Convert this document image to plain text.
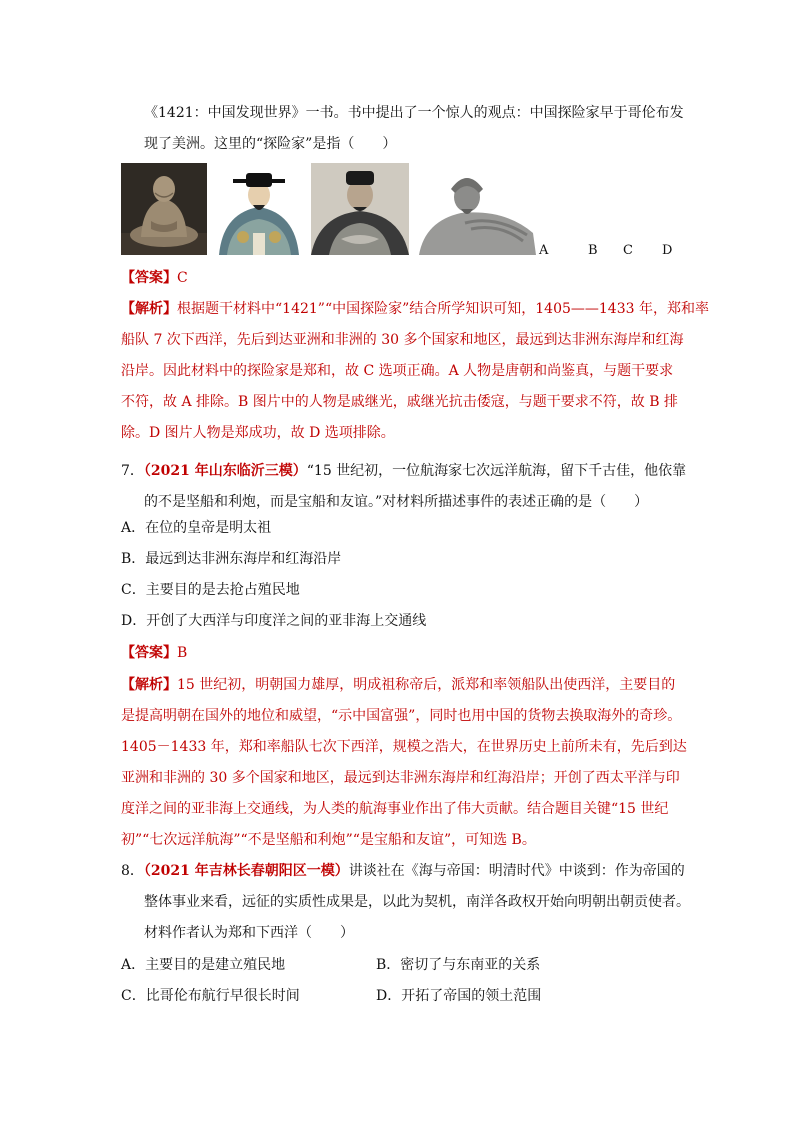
《1421：中国发现世界》一书。书中提出了一个惊人的观点：中国探险家早于哥伦布发
现了美洲。这里的“探险家”是指（　　）
A	B C D
【答案】C
【解析】根据题干材料中“1421”“中国探险家”结合所学知识可知，1405——1433 年，郑和率
船队 7 次下西洋，先后到达亚洲和非洲的 30 多个国家和地区，最远到达非洲东海岸和红海
沿岸。因此材料中的探险家是郑和，故 C 选项正确。A 人物是唐朝和尚鉴真，与题干要求
不符，故 A 排除。B 图片中的人物是戚继光，戚继光抗击倭寇，与题干要求不符，故 B 排
除。D 图片人物是郑成功，故 D 选项排除。
7．（2021 年山东临沂三模）“15 世纪初，一位航海家七次远洋航海，留下千古佳，他依靠
的不是坚船和利炮，而是宝船和友谊。”对材料所描述事件的表述正确的是（　　）
A．在位的皇帝是明太祖
B．最远到达非洲东海岸和红海沿岸
C．主要目的是去抢占殖民地
D．开创了大西洋与印度洋之间的亚非海上交通线
【答案】B
【解析】15 世纪初，明朝国力雄厚，明成祖称帝后，派郑和率领船队出使西洋，主要目的
是提高明朝在国外的地位和威望，“示中国富强”，同时也用中国的货物去换取海外的奇珍。
1405－1433 年，郑和率船队七次下西洋，规模之浩大，在世界历史上前所未有，先后到达
亚洲和非洲的 30 多个国家和地区，最远到达非洲东海岸和红海沿岸；开创了西太平洋与印
度洋之间的亚非海上交通线，为人类的航海事业作出了伟大贡献。结合题目关键“15 世纪
初”“七次远洋航海”“不是坚船和利炮”“是宝船和友谊”，可知选 B。
8．（2021 年吉林长春朝阳区一模）讲谈社在《海与帝国：明清时代》中谈到：作为帝国的
整体事业来看，远征的实质性成果是，以此为契机，南洋各政权开始向明朝出朝贡使者。
材料作者认为郑和下西洋（　　）
A．主要目的是建立殖民地	B．密切了与东南亚的关系
C．比哥伦布航行早很长时间	D．开拓了帝国的领土范围
